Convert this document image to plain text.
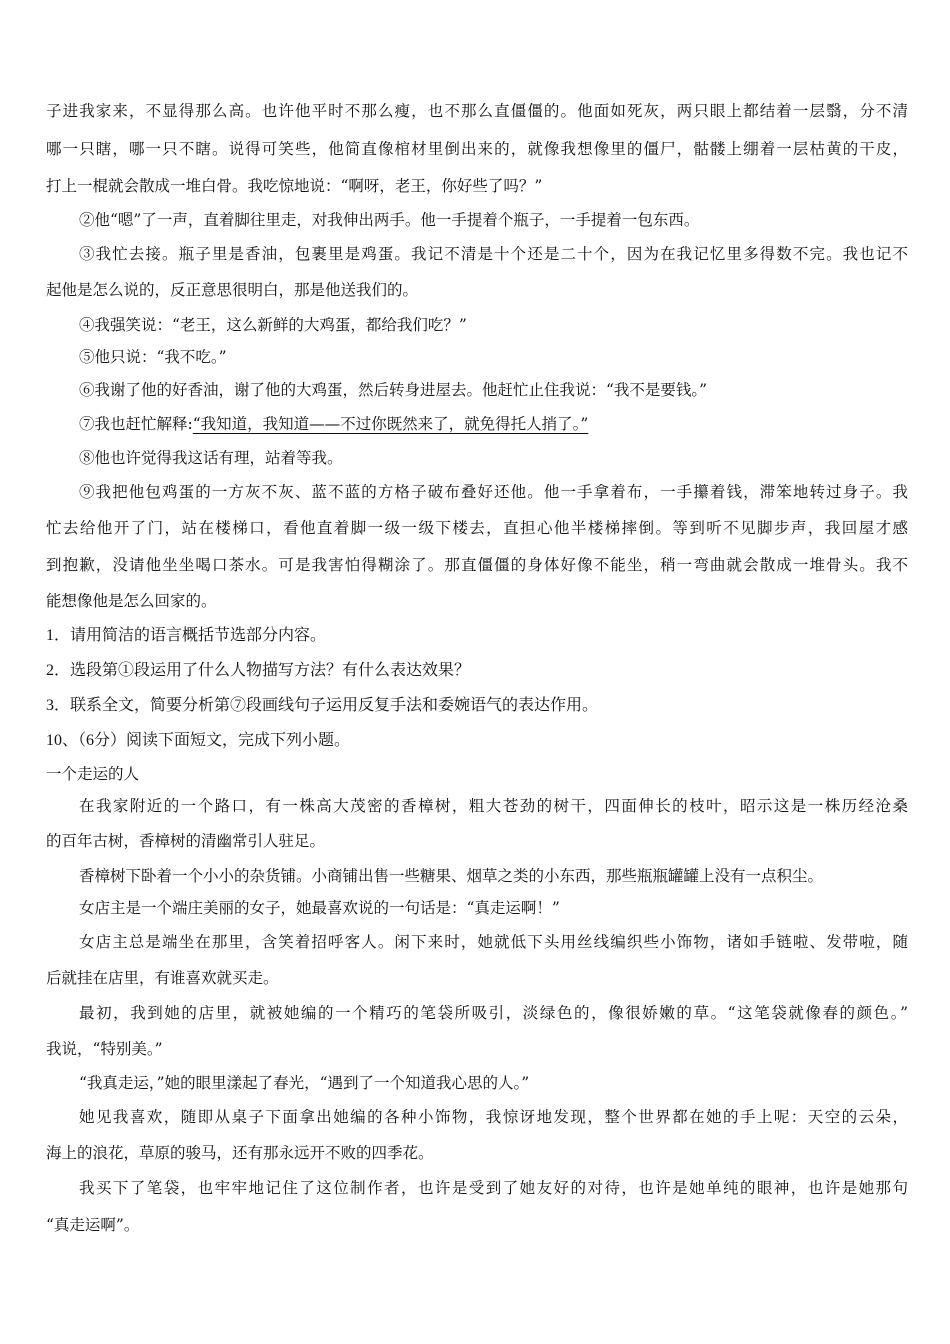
子进我家来，不显得那么高。也许他平时不那么瘦，也不那么直僵僵的。他面如死灰，两只眼上都结着一层翳，分不清
哪一只瞎，哪一只不瞎。说得可笑些，他简直像棺材里倒出来的，就像我想像里的僵尸，骷髅上绷着一层枯黄的干皮，
打上一棍就会散成一堆白骨。我吃惊地说：“啊呀，老王，你好些了吗？”
②他“嗯”了一声，直着脚往里走，对我伸出两手。他一手提着个瓶子，一手提着一包东西。
③我忙去接。瓶子里是香油，包裹里是鸡蛋。我记不清是十个还是二十个，因为在我记忆里多得数不完。我也记不
起他是怎么说的，反正意思很明白，那是他送我们的。
④我强笑说：“老王，这么新鲜的大鸡蛋，都给我们吃？”
⑤他只说：“我不吃。”
⑥我谢了他的好香油，谢了他的大鸡蛋，然后转身进屋去。他赶忙止住我说：“我不是要钱。”
⑦我也赶忙解释:“我知道，我知道——不过你既然来了，就免得托人捎了。”
⑧他也许觉得我这话有理，站着等我。
⑨我把他包鸡蛋的一方灰不灰、蓝不蓝的方格子破布叠好还他。他一手拿着布，一手攥着钱，滞笨地转过身子。我
忙去给他开了门，站在楼梯口，看他直着脚一级一级下楼去，直担心他半楼梯摔倒。等到听不见脚步声，我回屋才感
到抱歉，没请他坐坐喝口茶水。可是我害怕得糊涂了。那直僵僵的身体好像不能坐，稍一弯曲就会散成一堆骨头。我不
能想像他是怎么回家的。
1．请用简洁的语言概括节选部分内容。
2．选段第①段运用了什么人物描写方法？有什么表达效果？
3．联系全文，简要分析第⑦段画线句子运用反复手法和委婉语气的表达作用。
10、（6分）阅读下面短文，完成下列小题。
一个走运的人
在我家附近的一个路口，有一株高大茂密的香樟树，粗大苍劲的树干，四面伸长的枝叶，昭示这是一株历经沧桑
的百年古树，香樟树的清幽常引人驻足。
香樟树下卧着一个小小的杂货铺。小商铺出售一些糖果、烟草之类的小东西，那些瓶瓶罐罐上没有一点积尘。
女店主是一个端庄美丽的女子，她最喜欢说的一句话是：“真走运啊！”
女店主总是端坐在那里，含笑着招呼客人。闲下来时，她就低下头用丝线编织些小饰物，诸如手链啦、发带啦，随
后就挂在店里，有谁喜欢就买走。
最初，我到她的店里，就被她编的一个精巧的笔袋所吸引，淡绿色的，像很娇嫩的草。“这笔袋就像春的颜色。”
我说，“特别美。”
“我真走运，”她的眼里漾起了春光，“遇到了一个知道我心思的人。”
她见我喜欢，随即从桌子下面拿出她编的各种小饰物，我惊讶地发现，整个世界都在她的手上呢：天空的云朵，
海上的浪花，草原的骏马，还有那永远开不败的四季花。
我买下了笔袋，也牢牢地记住了这位制作者，也许是受到了她友好的对待，也许是她单纯的眼神，也许是她那句
“真走运啊”。
